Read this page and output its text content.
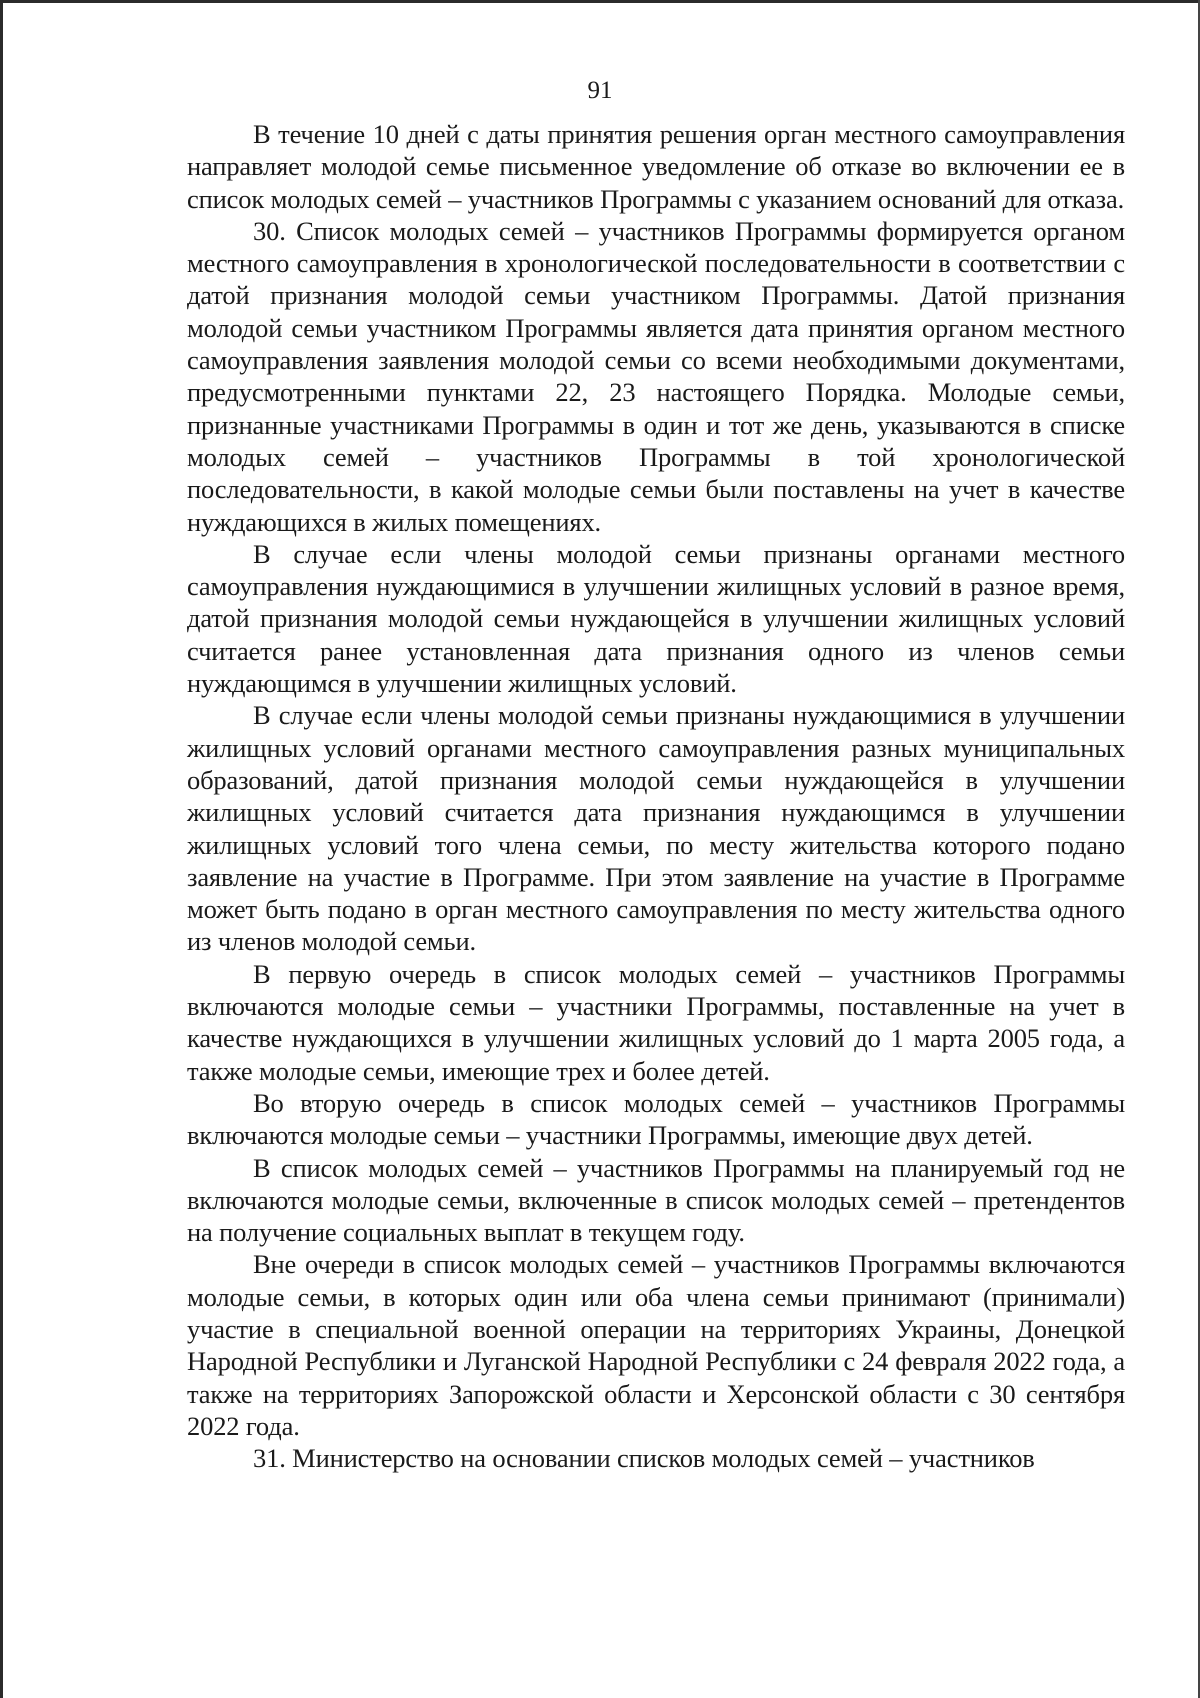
91

В течение 10 дней с даты принятия решения орган местного самоуправления направляет молодой семье письменное уведомление об отказе во включении ее в список молодых семей – участников Программы с указанием оснований для отказа.

30. Список молодых семей – участников Программы формируется органом местного самоуправления в хронологической последовательности в соответствии с датой признания молодой семьи участником Программы. Датой признания молодой семьи участником Программы является дата принятия органом местного самоуправления заявления молодой семьи со всеми необходимыми документами, предусмотренными пунктами 22, 23 настоящего Порядка. Молодые семьи, признанные участниками Программы в один и тот же день, указываются в списке молодых семей – участников Программы в той хронологической последовательности, в какой молодые семьи были поставлены на учет в качестве нуждающихся в жилых помещениях.

В случае если члены молодой семьи признаны органами местного самоуправления нуждающимися в улучшении жилищных условий в разное время, датой признания молодой семьи нуждающейся в улучшении жилищных условий считается ранее установленная дата признания одного из членов семьи нуждающимся в улучшении жилищных условий.

В случае если члены молодой семьи признаны нуждающимися в улучшении жилищных условий органами местного самоуправления разных муниципальных образований, датой признания молодой семьи нуждающейся в улучшении жилищных условий считается дата признания нуждающимся в улучшении жилищных условий того члена семьи, по месту жительства которого подано заявление на участие в Программе. При этом заявление на участие в Программе может быть подано в орган местного самоуправления по месту жительства одного из членов молодой семьи.

В первую очередь в список молодых семей – участников Программы включаются молодые семьи – участники Программы, поставленные на учет в качестве нуждающихся в улучшении жилищных условий до 1 марта 2005 года, а также молодые семьи, имеющие трех и более детей.

Во вторую очередь в список молодых семей – участников Программы включаются молодые семьи – участники Программы, имеющие двух детей.

В список молодых семей – участников Программы на планируемый год не включаются молодые семьи, включенные в список молодых семей – претендентов на получение социальных выплат в текущем году.

Вне очереди в список молодых семей – участников Программы включаются молодые семьи, в которых один или оба члена семьи принимают (принимали) участие в специальной военной операции на территориях Украины, Донецкой Народной Республики и Луганской Народной Республики с 24 февраля 2022 года, а также на территориях Запорожской области и Херсонской области с 30 сентября 2022 года.

31. Министерство на основании списков молодых семей – участников
